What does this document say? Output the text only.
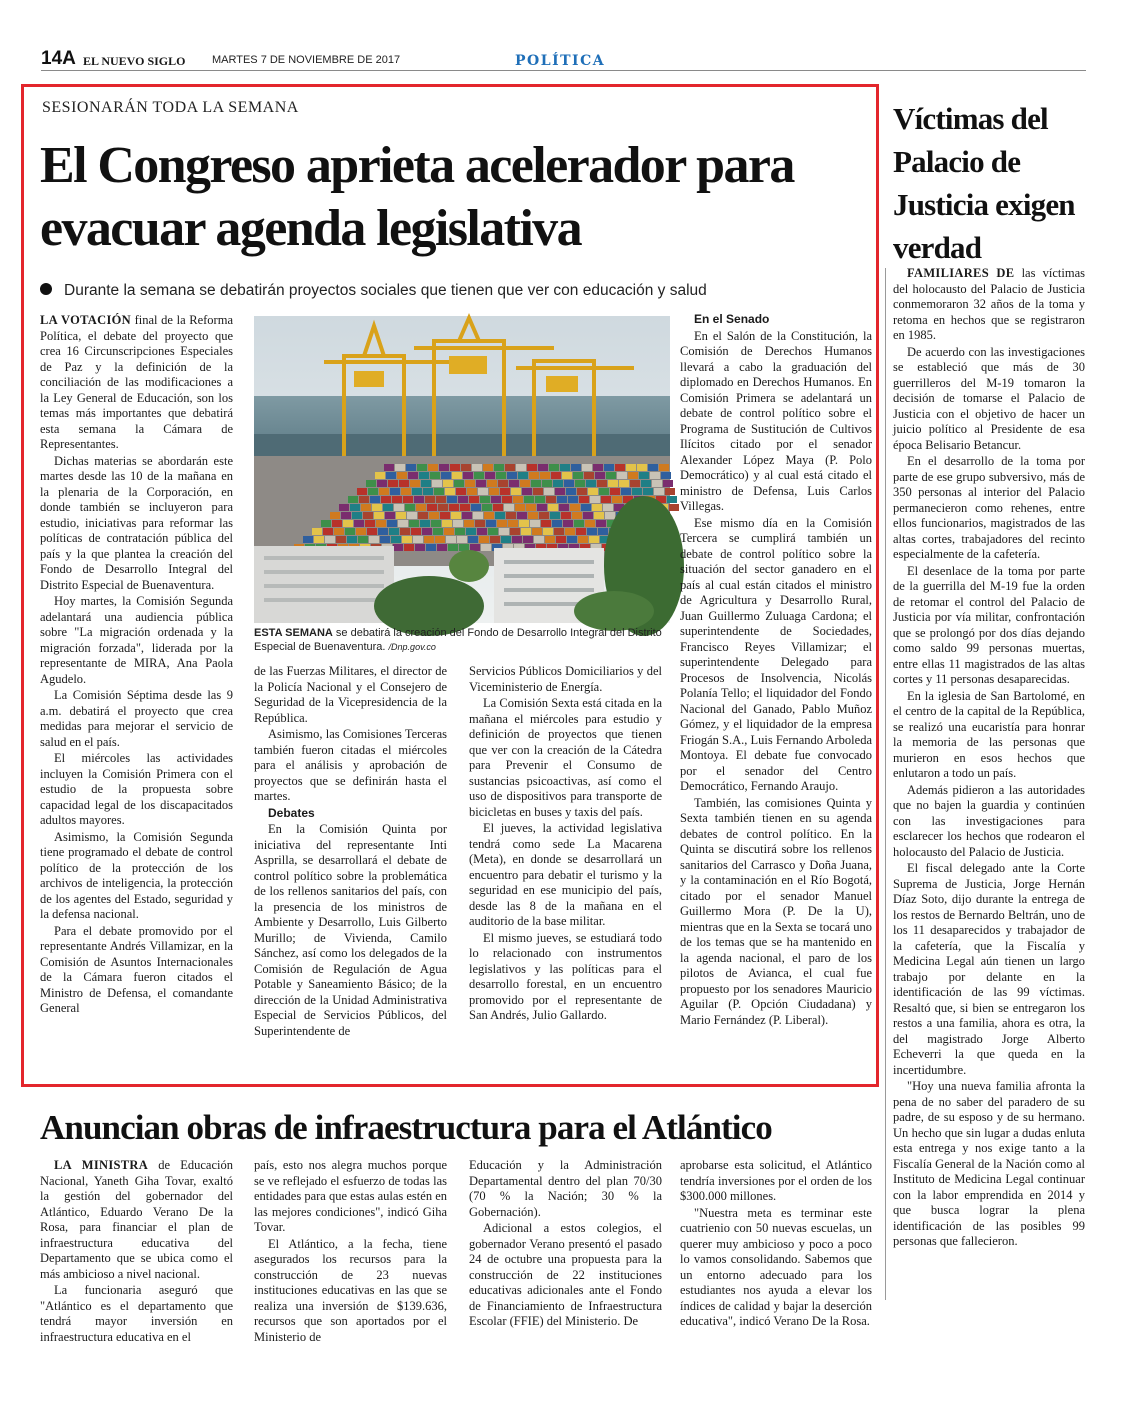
14A EL NUEVO SIGLO MARTES 7 DE NOVIEMBRE DE 2017	POLÍTICA
SESIONARÁN TODA LA SEMANA
El Congreso aprieta acelerador para evacuar agenda legislativa
Durante la semana se debatirán proyectos sociales que tienen que ver con educación y salud

LA VOTACIÓN final de la Reforma Política, el debate del proyecto que crea 16 Circunscripciones Especiales de Paz y la definición de la conciliación de las modificaciones a la Ley General de Educación, son los temas más importantes que debatirá esta semana la Cámara de Representantes.

Dichas materias se abordarán este martes desde las 10 de la mañana en la plenaria de la Corporación, en donde también se incluyeron para estudio, iniciativas para reformar las políticas de contratación pública del país y la que plantea la creación del Fondo de Desarrollo Integral del Distrito Especial de Buenaventura.

Hoy martes, la Comisión Segunda adelantará una audiencia pública sobre "La migración ordenada y la migración forzada", liderada por la representante de MIRA, Ana Paola Agudelo.

La Comisión Séptima desde las 9 a.m. debatirá el proyecto que crea medidas para mejorar el servicio de salud en el país.

El miércoles las actividades incluyen la Comisión Primera con el estudio de la propuesta sobre capacidad legal de los discapacitados adultos mayores.

Asimismo, la Comisión Segunda tiene programado el debate de control político de la protección de los archivos de inteligencia, la protección de los agentes del Estado, seguridad y la defensa nacional.

Para el debate promovido por el representante Andrés Villamizar, en la Comisión de Asuntos Internacionales de la Cámara fueron citados el Ministro de Defensa, el comandante General

ESTA SEMANA se debatirá la creación del Fondo de Desarrollo Integral del Distrito Especial de Buenaventura. /Dnp.gov.co

de las Fuerzas Militares, el director de la Policía Nacional y el Consejero de Seguridad de la Vicepresidencia de la República.

Asimismo, las Comisiones Terceras también fueron citadas el miércoles para el análisis y aprobación de proyectos que se definirán hasta el martes.

Debates

En la Comisión Quinta por iniciativa del representante Inti Asprilla, se desarrollará el debate de control político sobre la problemática de los rellenos sanitarios del país, con la presencia de los ministros de Ambiente y Desarrollo, Luis Gilberto Murillo; de Vivienda, Camilo Sánchez, así como los delegados de la Comisión de Regulación de Agua Potable y Saneamiento Básico; de la dirección de la Unidad Administrativa Especial de Servicios Públicos, del Superintendente de

Servicios Públicos Domiciliarios y del Viceministerio de Energía.

La Comisión Sexta está citada en la mañana el miércoles para estudio y definición de proyectos que tienen que ver con la creación de la Cátedra para Prevenir el Consumo de sustancias psicoactivas, así como el uso de dispositivos para transporte de bicicletas en buses y taxis del país.

El jueves, la actividad legislativa tendrá como sede La Macarena (Meta), en donde se desarrollará un encuentro para debatir el turismo y la seguridad en ese municipio del país, desde las 8 de la mañana en el auditorio de la base militar.

El mismo jueves, se estudiará todo lo relacionado con instrumentos legislativos y las políticas para el desarrollo forestal, en un encuentro promovido por el representante de San Andrés, Julio Gallardo.

En el Senado

En el Salón de la Constitución, la Comisión de Derechos Humanos llevará a cabo la graduación del diplomado en Derechos Humanos. En Comisión Primera se adelantará un debate de control político sobre el Programa de Sustitución de Cultivos Ilícitos citado por el senador Alexander López Maya (P. Polo Democrático) y al cual está citado el ministro de Defensa, Luis Carlos Villegas.

Ese mismo día en la Comisión Tercera se cumplirá también un debate de control político sobre la situación del sector ganadero en el país al cual están citados el ministro de Agricultura y Desarrollo Rural, Juan Guillermo Zuluaga Cardona; el superintendente de Sociedades, Francisco Reyes Villamizar; el superintendente Delegado para Procesos de Insolvencia, Nicolás Polanía Tello; el liquidador del Fondo Nacional del Ganado, Pablo Muñoz Gómez, y el liquidador de la empresa Friogán S.A., Luis Fernando Arboleda Montoya. El debate fue convocado por el senador del Centro Democrático, Fernando Araujo.

También, las comisiones Quinta y Sexta también tienen en su agenda debates de control político. En la Quinta se discutirá sobre los rellenos sanitarios del Carrasco y Doña Juana, y la contaminación en el Río Bogotá, citado por el senador Manuel Guillermo Mora (P. De la U), mientras que en la Sexta se tocará uno de los temas que se ha mantenido en la agenda nacional, el paro de los pilotos de Avianca, el cual fue propuesto por los senadores Mauricio Aguilar (P. Opción Ciudadana) y Mario Fernández (P. Liberal).

Víctimas del Palacio de Justicia exigen verdad

FAMILIARES DE las víctimas del holocausto del Palacio de Justicia conmemoraron 32 años de la toma y retoma en hechos que se registraron en 1985.

De acuerdo con las investigaciones se estableció que más de 30 guerrilleros del M-19 tomaron la decisión de tomarse el Palacio de Justicia con el objetivo de hacer un juicio político al Presidente de esa época Belisario Betancur.

En el desarrollo de la toma por parte de ese grupo subversivo, más de 350 personas al interior del Palacio permanecieron como rehenes, entre ellos funcionarios, magistrados de las altas cortes, trabajadores del recinto especialmente de la cafetería.

El desenlace de la toma por parte de la guerrilla del M-19 fue la orden de retomar el control del Palacio de Justicia por vía militar, confrontación que se prolongó por dos días dejando como saldo 99 personas muertas, entre ellas 11 magistrados de las altas cortes y 11 personas desaparecidas.

En la iglesia de San Bartolomé, en el centro de la capital de la República, se realizó una eucaristía para honrar la memoria de las personas que murieron en esos hechos que enlutaron a todo un país.

Además pidieron a las autoridades que no bajen la guardia y continúen con las investigaciones para esclarecer los hechos que rodearon el holocausto del Palacio de Justicia.

El fiscal delegado ante la Corte Suprema de Justicia, Jorge Hernán Díaz Soto, dijo durante la entrega de los restos de Bernardo Beltrán, uno de los 11 desaparecidos y trabajador de la cafetería, que la Fiscalía y Medicina Legal aún tienen un largo trabajo por delante en la identificación de las 99 víctimas. Resaltó que, si bien se entregaron los restos a una familia, ahora es otra, la del magistrado Jorge Alberto Echeverri la que queda en la incertidumbre.

"Hoy una nueva familia afronta la pena de no saber del paradero de su padre, de su esposo y de su hermano. Un hecho que sin lugar a dudas enluta esta entrega y nos exige tanto a la Fiscalía General de la Nación como al Instituto de Medicina Legal continuar con la labor emprendida en 2014 y que busca lograr la plena identificación de las posibles 99 personas que fallecieron.

Anuncian obras de infraestructura para el Atlántico

LA MINISTRA de Educación Nacional, Yaneth Giha Tovar, exaltó la gestión del gobernador del Atlántico, Eduardo Verano De la Rosa, para financiar el plan de infraestructura educativa del Departamento que se ubica como el más ambicioso a nivel nacional.

La funcionaria aseguró que "Atlántico es el departamento que tendrá mayor inversión en infraestructura educativa en el

país, esto nos alegra muchos porque se ve reflejado el esfuerzo de todas las entidades para que estas aulas estén en las mejores condiciones", indicó Giha Tovar.

El Atlántico, a la fecha, tiene asegurados los recursos para la construcción de 23 nuevas instituciones educativas en las que se realiza una inversión de $139.636, recursos que son aportados por el Ministerio de

Educación y la Administración Departamental dentro del plan 70/30 (70 % la Nación; 30 % la Gobernación).

Adicional a estos colegios, el gobernador Verano presentó el pasado 24 de octubre una propuesta para la construcción de 22 instituciones educativas adicionales ante el Fondo de Financiamiento de Infraestructura Escolar (FFIE) del Ministerio. De

aprobarse esta solicitud, el Atlántico tendría inversiones por el orden de los $300.000 millones.

"Nuestra meta es terminar este cuatrienio con 50 nuevas escuelas, un querer muy ambicioso y poco a poco lo vamos consolidando. Sabemos que un entorno adecuado para los estudiantes nos ayuda a elevar los índices de calidad y bajar la deserción educativa", indicó Verano De la Rosa.
